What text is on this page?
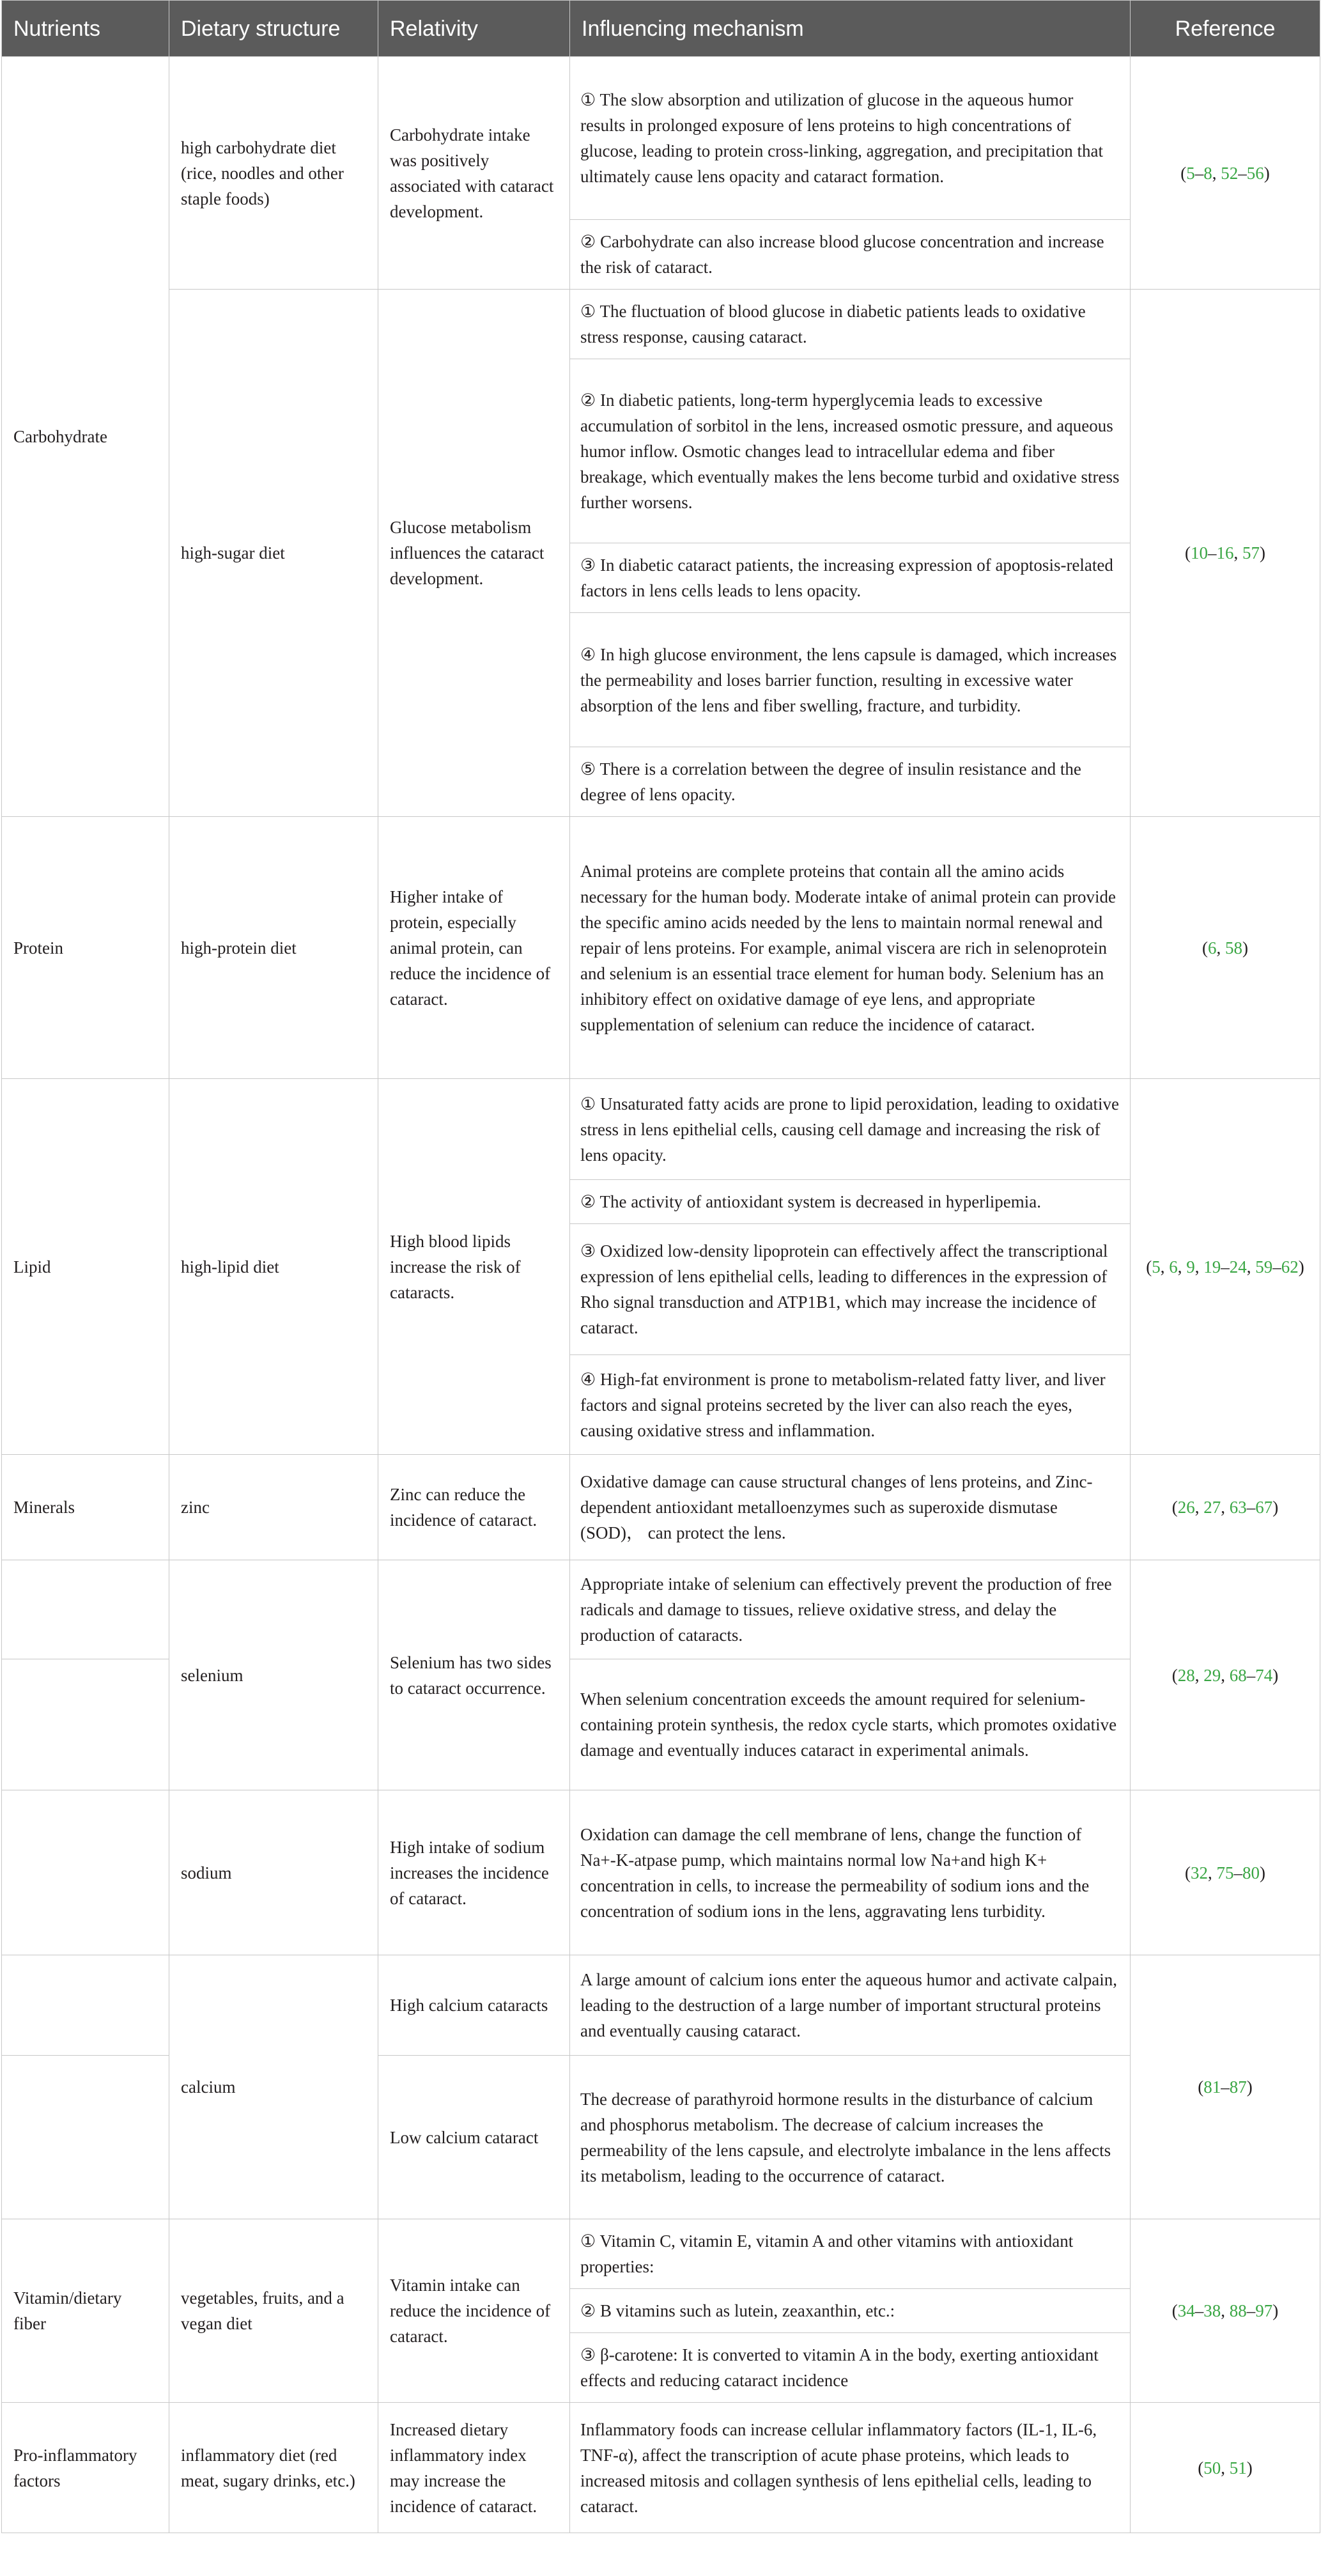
Nutrients	Dietary structure	Relativity	Influencing mechanism	Reference
Carbohydrate	high carbohydrate diet (rice, noodles and other staple foods)	Carbohydrate intake was positively associated with cataract development.	① The slow absorption and utilization of glucose in the aqueous humor results in prolonged exposure of lens proteins to high concentrations of glucose, leading to protein cross-linking, aggregation, and precipitation that ultimately cause lens opacity and cataract formation.	(5–8, 52–56)
			② Carbohydrate can also increase blood glucose concentration and increase the risk of cataract.	
	high-sugar diet	Glucose metabolism influences the cataract development.	① The fluctuation of blood glucose in diabetic patients leads to oxidative stress response, causing cataract.	(10–16, 57)
			② In diabetic patients, long-term hyperglycemia leads to excessive accumulation of sorbitol in the lens, increased osmotic pressure, and aqueous humor inflow. Osmotic changes lead to intracellular edema and fiber breakage, which eventually makes the lens become turbid and oxidative stress further worsens.	
			③ In diabetic cataract patients, the increasing expression of apoptosis-related factors in lens cells leads to lens opacity.	
			④ In high glucose environment, the lens capsule is damaged, which increases the permeability and loses barrier function, resulting in excessive water absorption of the lens and fiber swelling, fracture, and turbidity.	
			⑤ There is a correlation between the degree of insulin resistance and the degree of lens opacity.	
Protein	high-protein diet	Higher intake of protein, especially animal protein, can reduce the incidence of cataract.	Animal proteins are complete proteins that contain all the amino acids necessary for the human body. Moderate intake of animal protein can provide the specific amino acids needed by the lens to maintain normal renewal and repair of lens proteins. For example, animal viscera are rich in selenoprotein and selenium is an essential trace element for human body. Selenium has an inhibitory effect on oxidative damage of eye lens, and appropriate supplementation of selenium can reduce the incidence of cataract.	(6, 58)
Lipid	high-lipid diet	High blood lipids increase the risk of cataracts.	① Unsaturated fatty acids are prone to lipid peroxidation, leading to oxidative stress in lens epithelial cells, causing cell damage and increasing the risk of lens opacity.	(5, 6, 9, 19–24, 59–62)
			② The activity of antioxidant system is decreased in hyperlipemia.	
			③ Oxidized low-density lipoprotein can effectively affect the transcriptional expression of lens epithelial cells, leading to differences in the expression of Rho signal transduction and ATP1B1, which may increase the incidence of cataract.	
			④ High-fat environment is prone to metabolism-related fatty liver, and liver factors and signal proteins secreted by the liver can also reach the eyes, causing oxidative stress and inflammation.	
Minerals	zinc	Zinc can reduce the incidence of cataract.	Oxidative damage can cause structural changes of lens proteins, and Zinc-dependent antioxidant metalloenzymes such as superoxide dismutase (SOD)， can protect the lens.	(26, 27, 63–67)
	selenium	Selenium has two sides to cataract occurrence.	Appropriate intake of selenium can effectively prevent the production of free radicals and damage to tissues, relieve oxidative stress, and delay the production of cataracts.	(28, 29, 68–74)
			When selenium concentration exceeds the amount required for selenium-containing protein synthesis, the redox cycle starts, which promotes oxidative damage and eventually induces cataract in experimental animals.	
	sodium	High intake of sodium increases the incidence of cataract.	Oxidation can damage the cell membrane of lens, change the function of Na+-K-atpase pump, which maintains normal low Na+and high K+ concentration in cells, to increase the permeability of sodium ions and the concentration of sodium ions in the lens, aggravating lens turbidity.	(32, 75–80)
	calcium	High calcium cataracts	A large amount of calcium ions enter the aqueous humor and activate calpain, leading to the destruction of a large number of important structural proteins and eventually causing cataract.	(81–87)
		Low calcium cataract	The decrease of parathyroid hormone results in the disturbance of calcium and phosphorus metabolism. The decrease of calcium increases the permeability of the lens capsule, and electrolyte imbalance in the lens affects its metabolism, leading to the occurrence of cataract.	
Vitamin/dietary fiber	vegetables, fruits, and a vegan diet	Vitamin intake can reduce the incidence of cataract.	① Vitamin C, vitamin E, vitamin A and other vitamins with antioxidant properties:	(34–38, 88–97)
			② B vitamins such as lutein, zeaxanthin, etc.:	
			③ β-carotene: It is converted to vitamin A in the body, exerting antioxidant effects and reducing cataract incidence	
Pro-inflammatory factors	inflammatory diet (red meat, sugary drinks, etc.)	Increased dietary inflammatory index may increase the incidence of cataract.	Inflammatory foods can increase cellular inflammatory factors (IL-1, IL-6, TNF-α), affect the transcription of acute phase proteins, which leads to increased mitosis and collagen synthesis of lens epithelial cells, leading to cataract.	(50, 51)
